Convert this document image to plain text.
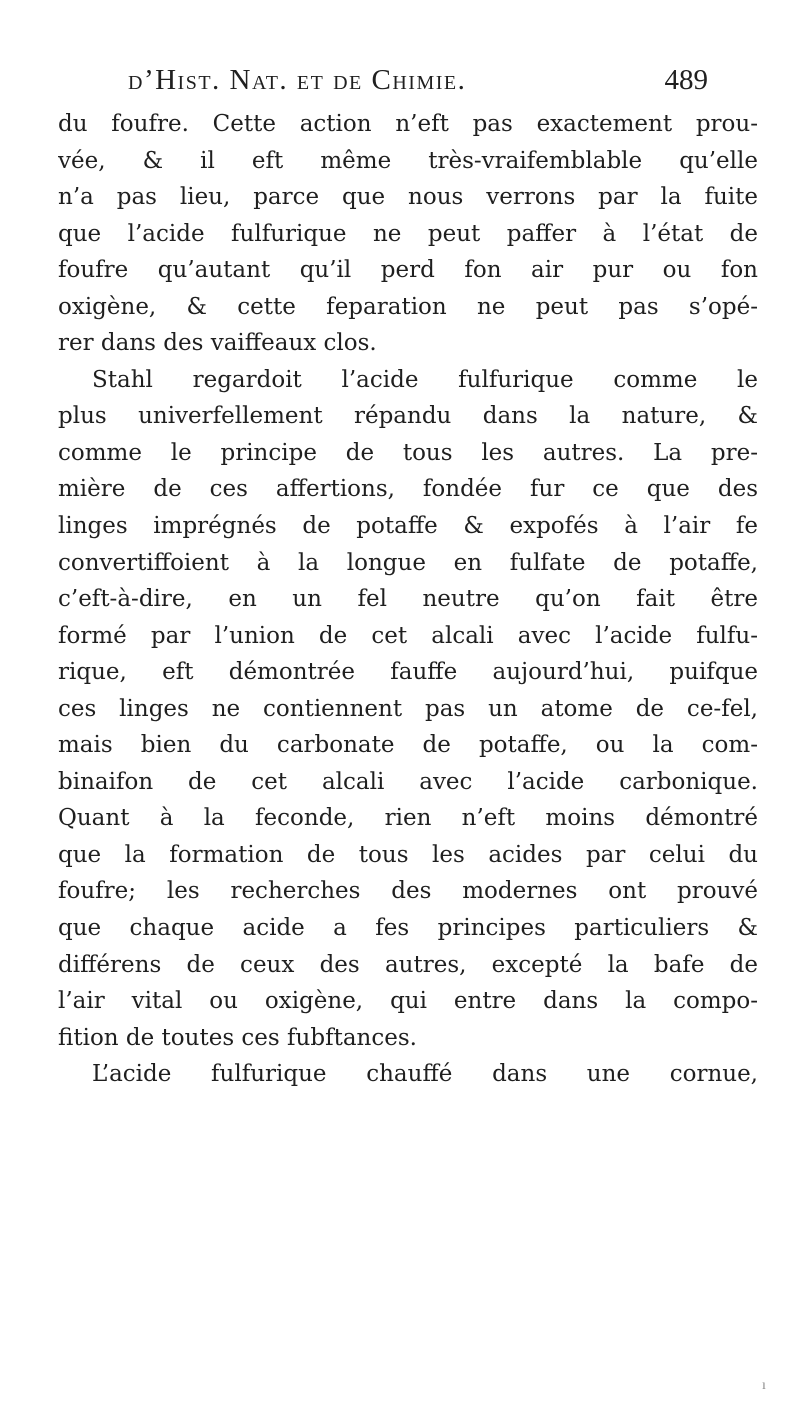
d’Hist. Nat. et de Chimie.	489
du foufre. Cette action n’eft pas exactement prou-
vée, & il eft même très-vraifemblable qu’elle
n’a pas lieu, parce que nous verrons par la fuite
que l’acide fulfurique ne peut paffer à l’état de
foufre qu’autant qu’il perd fon air pur ou fon
oxigène, & cette feparation ne peut pas s’opé-
rer dans des vaiffeaux clos.
Stahl regardoit l’acide fulfurique comme le
plus univerfellement répandu dans la nature, &
comme le principe de tous les autres. La pre-
mière de ces affertions, fondée fur ce que des
linges imprégnés de potaffe & expofés à l’air fe
convertiffoient à la longue en fulfate de potaffe,
c’eft-à-dire, en un fel neutre qu’on fait être
formé par l’union de cet alcali avec l’acide fulfu-
rique, eft démontrée fauffe aujourd’hui, puifque
ces linges ne contiennent pas un atome de ce-fel,
mais bien du carbonate de potaffe, ou la com-
binaifon de cet alcali avec l’acide carbonique.
Quant à la feconde, rien n’eft moins démontré
que la formation de tous les acides par celui du
foufre; les recherches des modernes ont prouvé
que chaque acide a fes principes particuliers &
différens de ceux des autres, excepté la bafe de
l’air vital ou oxigène, qui entre dans la compo-
fition de toutes ces fubftances.
L’acide fulfurique chauffé dans une cornue,
ı
